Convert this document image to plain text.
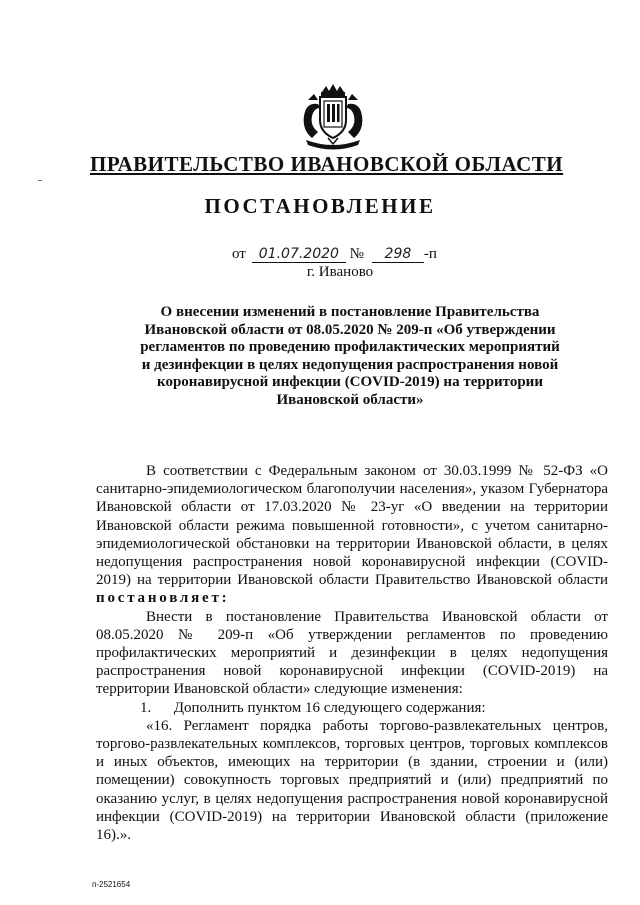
ПРАВИТЕЛЬСТВО ИВАНОВСКОЙ ОБЛАСТИ
ПОСТАНОВЛЕНИЕ
от 01.07.2020 № 298 -п
г. Иваново
О внесении изменений в постановление Правительства
Ивановской области от 08.05.2020 № 209-п «Об утверждении
регламентов по проведению профилактических мероприятий
и дезинфекции в целях недопущения распространения новой
коронавирусной инфекции (COVID-2019) на территории
Ивановской области»

В соответствии с Федеральным законом от 30.03.1999 № 52-ФЗ «О санитарно-эпидемиологическом благополучии населения», указом Губернатора Ивановской области от 17.03.2020 № 23-уг «О введении на территории Ивановской области режима повышенной готовности», с учетом санитарно-эпидемиологической обстановки на территории Ивановской области, в целях недопущения распространения новой коронавирусной инфекции (COVID-2019) на территории Ивановской области Правительство Ивановской области постановляет:

Внести в постановление Правительства Ивановской области от 08.05.2020 № 209-п «Об утверждении регламентов по проведению профилактических мероприятий и дезинфекции в целях недопущения распространения новой коронавирусной инфекции (COVID-2019) на территории Ивановской области» следующие изменения:

1. Дополнить пунктом 16 следующего содержания:

«16. Регламент порядка работы торгово-развлекательных центров, торгово-развлекательных комплексов, торговых центров, торговых комплексов и иных объектов, имеющих на территории (в здании, строении и (или) помещении) совокупность торговых предприятий и (или) предприятий по оказанию услуг, в целях недопущения распространения новой коронавирусной инфекции (COVID-2019) на территории Ивановской области (приложение 16).».

п-2521654
